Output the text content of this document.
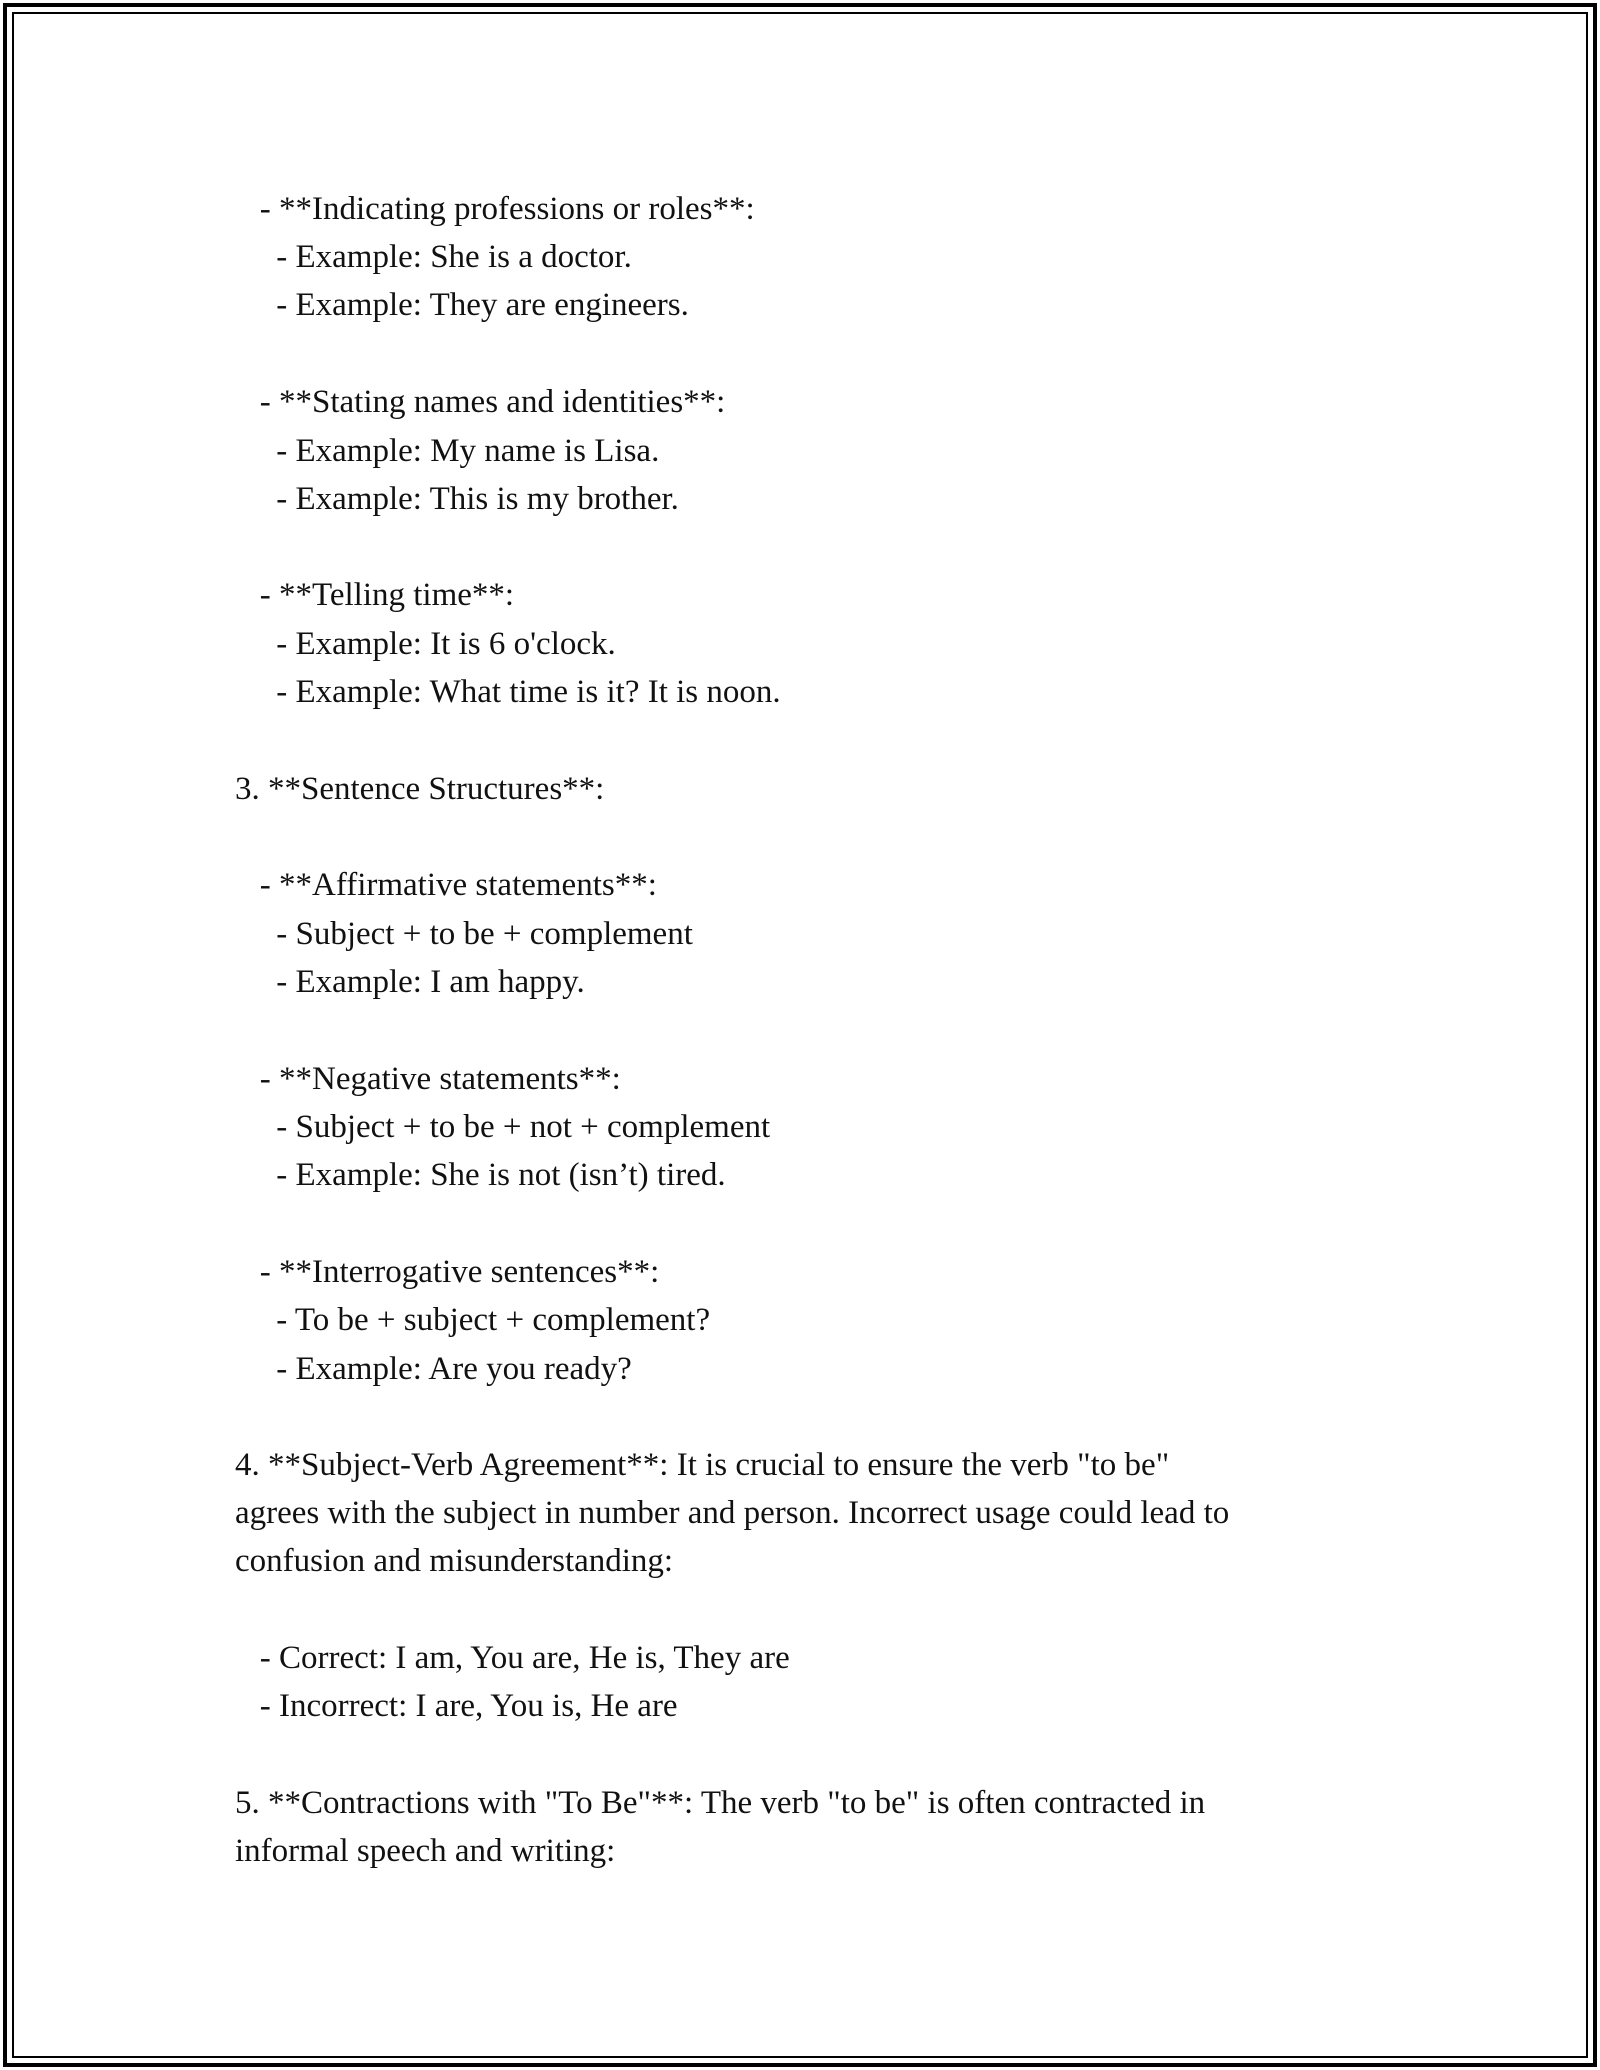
- **Indicating professions or roles**:
- Example: She is a doctor.
- Example: They are engineers.
- **Stating names and identities**:
- Example: My name is Lisa.
- Example: This is my brother.
- **Telling time**:
- Example: It is 6 o'clock.
- Example: What time is it? It is noon.
3. **Sentence Structures**:
- **Affirmative statements**:
- Subject + to be + complement
- Example: I am happy.
- **Negative statements**:
- Subject + to be + not + complement
- Example: She is not (isn’t) tired.
- **Interrogative sentences**:
- To be + subject + complement?
- Example: Are you ready?
4. **Subject-Verb Agreement**: It is crucial to ensure the verb "to be"
agrees with the subject in number and person. Incorrect usage could lead to
confusion and misunderstanding:
- Correct: I am, You are, He is, They are
- Incorrect: I are, You is, He are
5. **Contractions with "To Be"**: The verb "to be" is often contracted in
informal speech and writing:
